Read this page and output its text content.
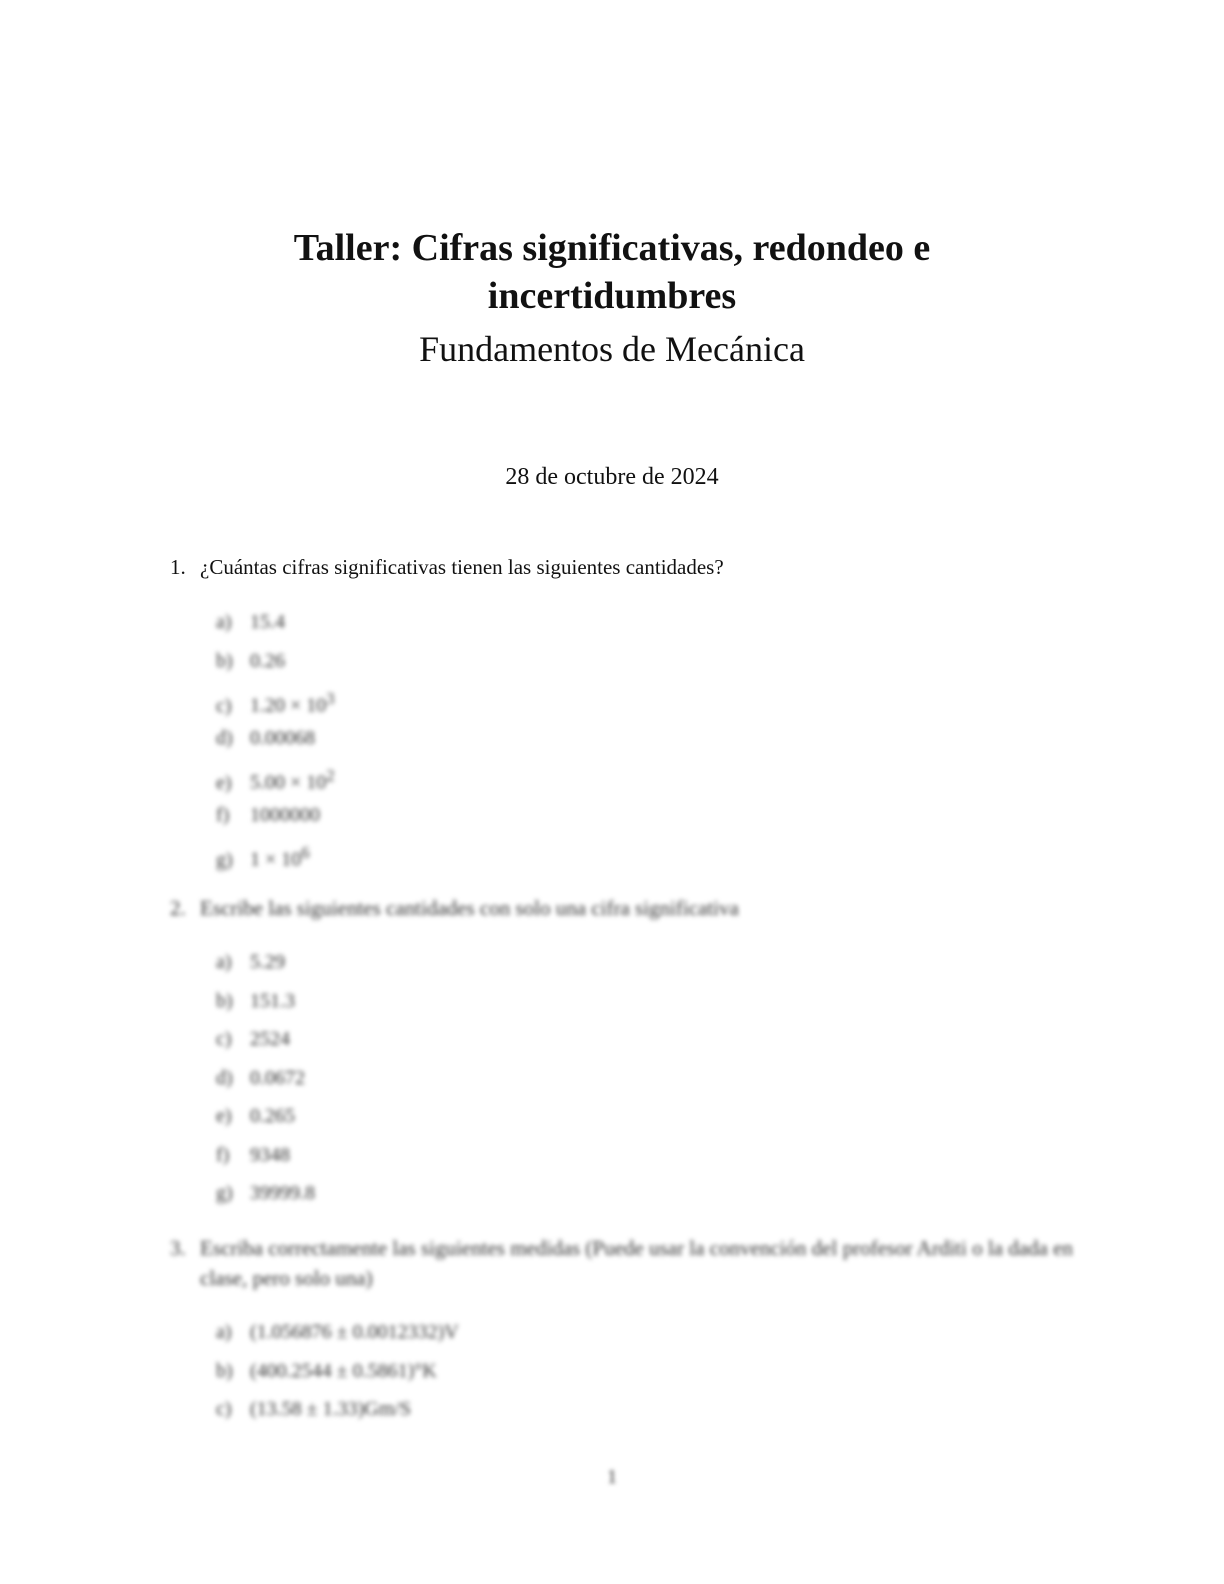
Taller: Cifras significativas, redondeo e incertidumbres
Fundamentos de Mecánica
28 de octubre de 2024
1. ¿Cuántas cifras significativas tienen las siguientes cantidades?
a) 15.4
b) 0.26
c) $1.20 \times 10^3$
d) 0.00068
e) $5.00 \times 10^2$
f) 1000000
g) $1 \times 10^6$
2. Escribe las siguientes cantidades con solo una cifra significativa
a) 5.29
b) 151.3
c) 2524
d) 0.0672
e) 0.265
f) 9348
g) 39999.8
3. Escriba correctamente las siguientes medidas (Puede usar la convención del profesor Arditi o la dada en clase, pero solo una)
a) (1.056876 ± 0.0012332)V
b) (400.2544 ± 0.5861)°K
c) (13.58 ± 1.33)Gm/S
1
